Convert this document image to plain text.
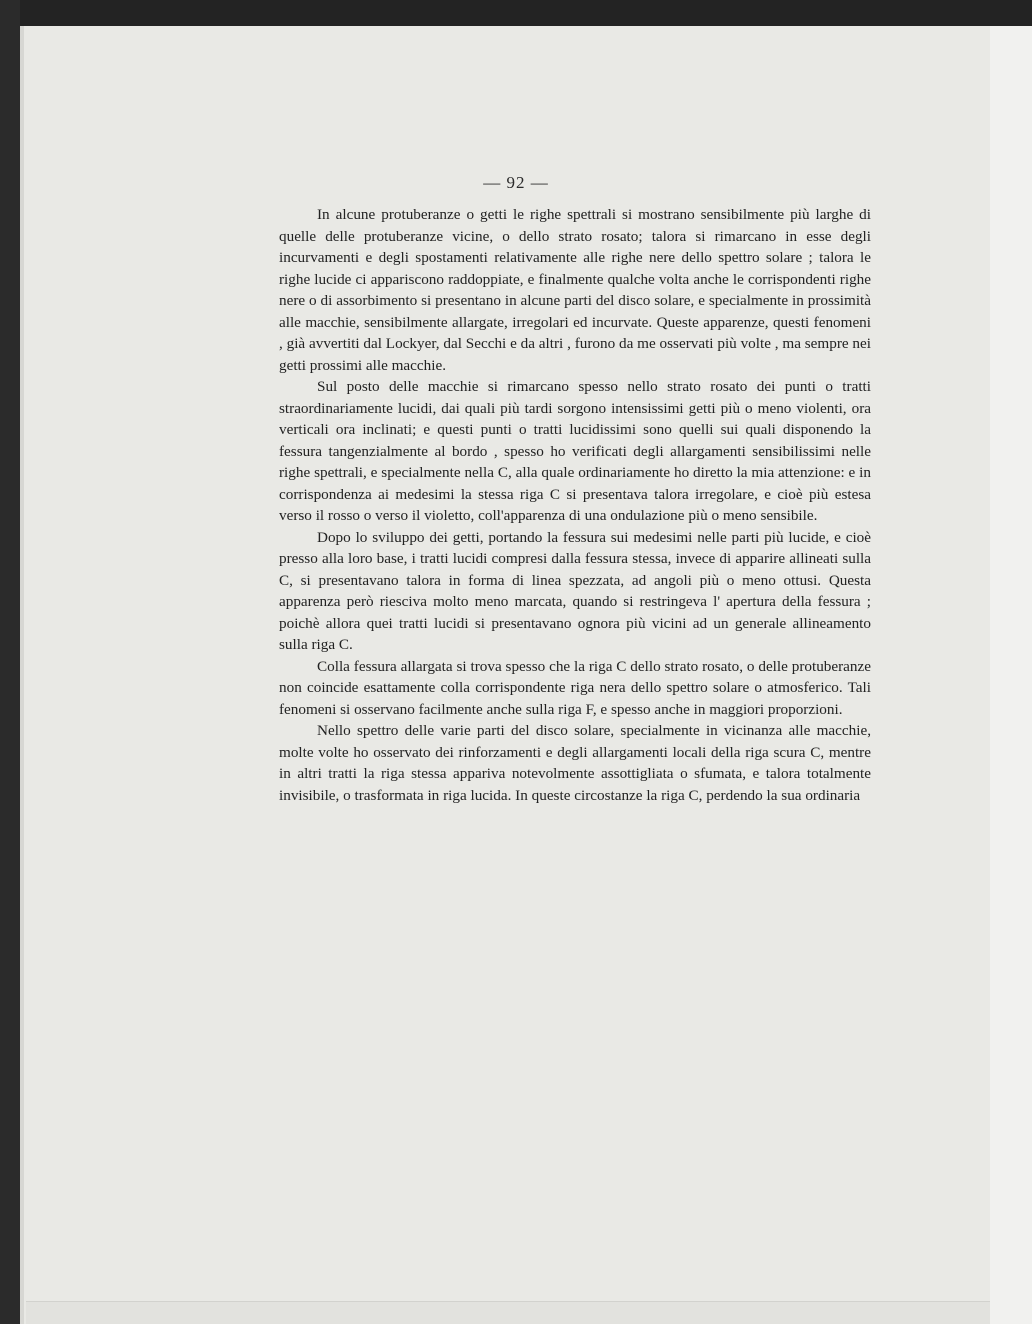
— 92 —

In alcune protuberanze o getti le righe spettrali si mostrano sensibilmente più larghe di quelle delle protuberanze vicine, o dello strato rosato; talora si rimarcano in esse degli incurvamenti e degli spostamenti relativamente alle righe nere dello spettro solare ; talora le righe lucide ci appariscono raddoppiate, e finalmente qualche volta anche le corrispondenti righe nere o di assorbimento si presentano in alcune parti del disco solare, e specialmente in prossimità alle macchie, sensibilmente allargate, irregolari ed incurvate. Queste apparenze, questi fenomeni , già avvertiti dal Lockyer, dal Secchi e da altri , furono da me osservati più volte , ma sempre nei getti prossimi alle macchie.

Sul posto delle macchie si rimarcano spesso nello strato rosato dei punti o tratti straordinariamente lucidi, dai quali più tardi sorgono intensissimi getti più o meno violenti, ora verticali ora inclinati; e questi punti o tratti lucidissimi sono quelli sui quali disponendo la fessura tangenzialmente al bordo , spesso ho verificati degli allargamenti sensibilissimi nelle righe spettrali, e specialmente nella C, alla quale ordinariamente ho diretto la mia attenzione: e in corrispondenza ai medesimi la stessa riga C si presentava talora irregolare, e cioè più estesa verso il rosso o verso il violetto, coll'apparenza di una ondulazione più o meno sensibile.

Dopo lo sviluppo dei getti, portando la fessura sui medesimi nelle parti più lucide, e cioè presso alla loro base, i tratti lucidi compresi dalla fessura stessa, invece di apparire allineati sulla C, si presentavano talora in forma di linea spezzata, ad angoli più o meno ottusi. Questa apparenza però riesciva molto meno marcata, quando si restringeva l' apertura della fessura ; poichè allora quei tratti lucidi si presentavano ognora più vicini ad un generale allineamento sulla riga C.

Colla fessura allargata si trova spesso che la riga C dello strato rosato, o delle protuberanze non coincide esattamente colla corrispondente riga nera dello spettro solare o atmosferico. Tali fenomeni si osservano facilmente anche sulla riga F, e spesso anche in maggiori proporzioni.

Nello spettro delle varie parti del disco solare, specialmente in vicinanza alle macchie, molte volte ho osservato dei rinforzamenti e degli allargamenti locali della riga scura C, mentre in altri tratti la riga stessa appariva notevolmente assottigliata o sfumata, e talora totalmente invisibile, o trasformata in riga lucida. In queste circostanze la riga C, perdendo la sua ordinaria
